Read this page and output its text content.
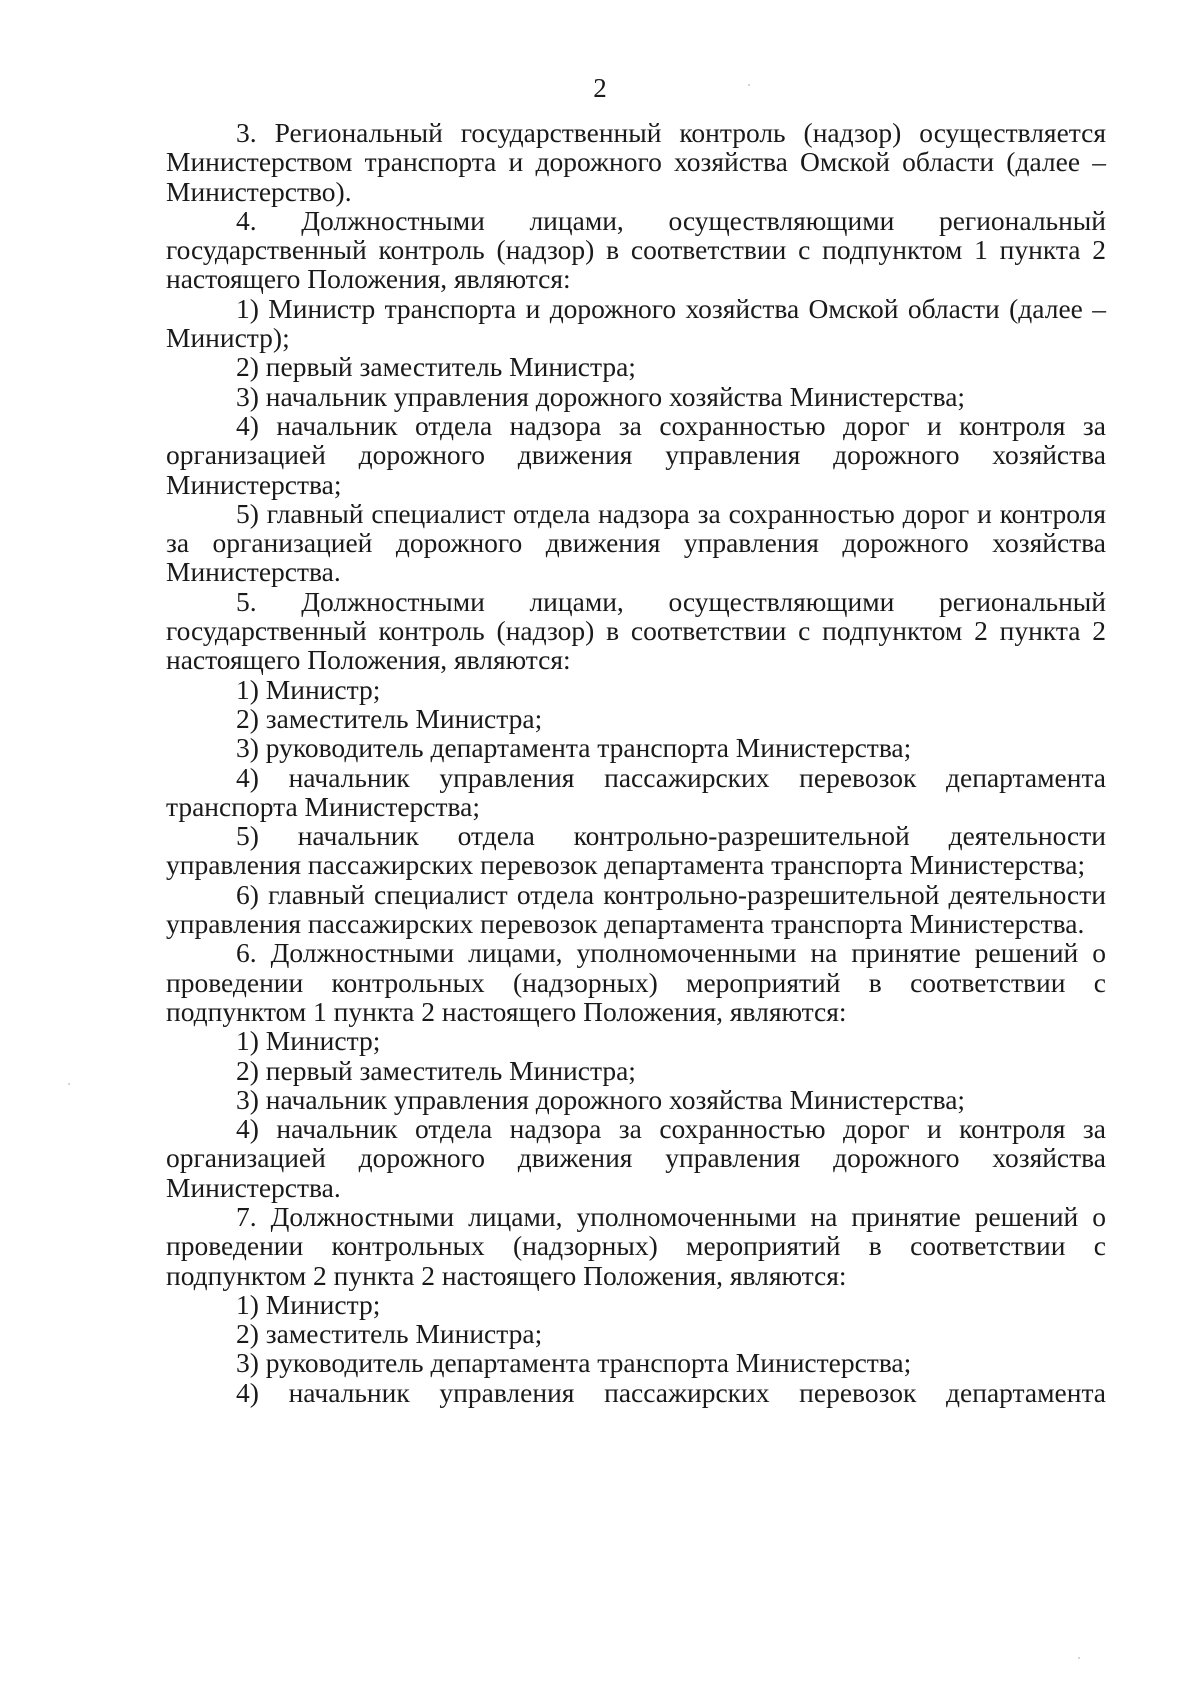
2

3. Региональный государственный контроль (надзор) осуществляется Министерством транспорта и дорожного хозяйства Омской области (далее – Министерство).

4. Должностными лицами, осуществляющими региональный государственный контроль (надзор) в соответствии с подпунктом 1 пункта 2 настоящего Положения, являются:

1) Министр транспорта и дорожного хозяйства Омской области (далее – Министр);

2) первый заместитель Министра;

3) начальник управления дорожного хозяйства Министерства;

4) начальник отдела надзора за сохранностью дорог и контроля за организацией дорожного движения управления дорожного хозяйства Министерства;

5) главный специалист отдела надзора за сохранностью дорог и контроля за организацией дорожного движения управления дорожного хозяйства Министерства.

5. Должностными лицами, осуществляющими региональный государственный контроль (надзор) в соответствии с подпунктом 2 пункта 2 настоящего Положения, являются:

1) Министр;

2) заместитель Министра;

3) руководитель департамента транспорта Министерства;

4) начальник управления пассажирских перевозок департамента транспорта Министерства;

5) начальник отдела контрольно-разрешительной деятельности управления пассажирских перевозок департамента транспорта Министерства;

6) главный специалист отдела контрольно-разрешительной деятельности управления пассажирских перевозок департамента транспорта Министерства.

6. Должностными лицами, уполномоченными на принятие решений о проведении контрольных (надзорных) мероприятий в соответствии с подпунктом 1 пункта 2 настоящего Положения, являются:

1) Министр;

2) первый заместитель Министра;

3) начальник управления дорожного хозяйства Министерства;

4) начальник отдела надзора за сохранностью дорог и контроля за организацией дорожного движения управления дорожного хозяйства Министерства.

7. Должностными лицами, уполномоченными на принятие решений о проведении контрольных (надзорных) мероприятий в соответствии с подпунктом 2 пункта 2 настоящего Положения, являются:

1) Министр;

2) заместитель Министра;

3) руководитель департамента транспорта Министерства;

4) начальник управления пассажирских перевозок департамента
